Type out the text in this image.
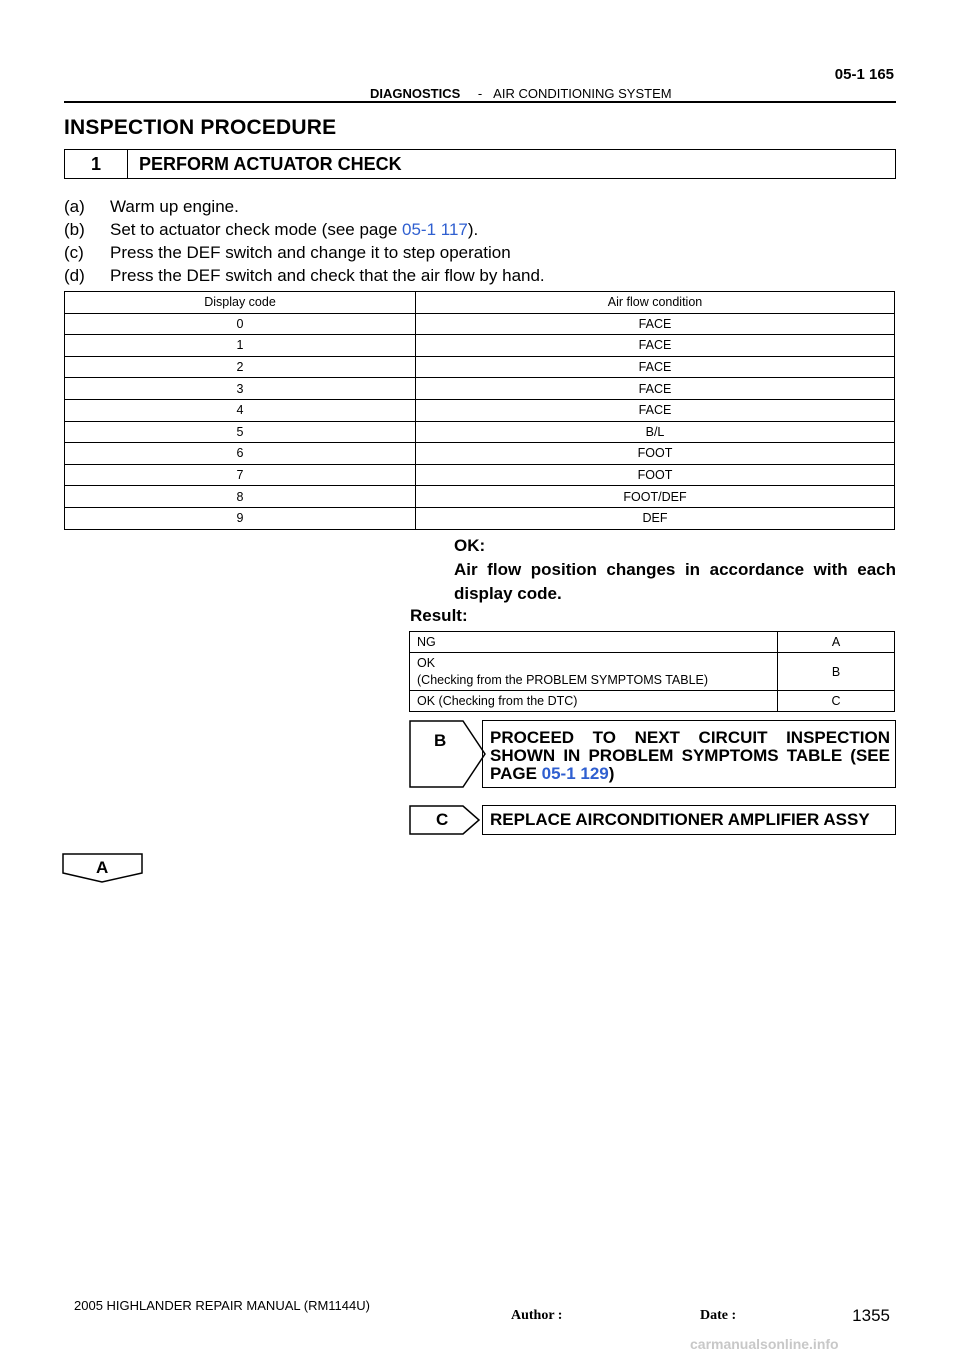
05-1 165
DIAGNOSTICS - AIR CONDITIONING SYSTEM
INSPECTION PROCEDURE
1	PERFORM ACTUATOR CHECK
(a) Warm up engine.
(b) Set to actuator check mode (see page 05-1 117).
(c) Press the DEF switch and change it to step operation
(d) Press the DEF switch and check that the air flow by hand.
Display code	Air flow condition
0	FACE
1	FACE
2	FACE
3	FACE
4	FACE
5	B/L
6	FOOT
7	FOOT
8	FOOT/DEF
9	DEF
OK:
Air flow position changes in accordance with each display code.
Result:
NG	A

OK
(Checking from the PROBLEM SYMPTOMS TABLE)	B
OK (Checking from the DTC)	C
B	PROCEED TO NEXT CIRCUIT INSPECTION
SHOWN IN PROBLEM SYMPTOMS TABLE (SEE
PAGE 05-1 129)
C REPLACE AIRCONDITIONER AMPLIFIER ASSY
A
2005 HIGHLANDER REPAIR MANUAL (RM1144U)
1355
Author :	Date :
carmanualsonline.info
